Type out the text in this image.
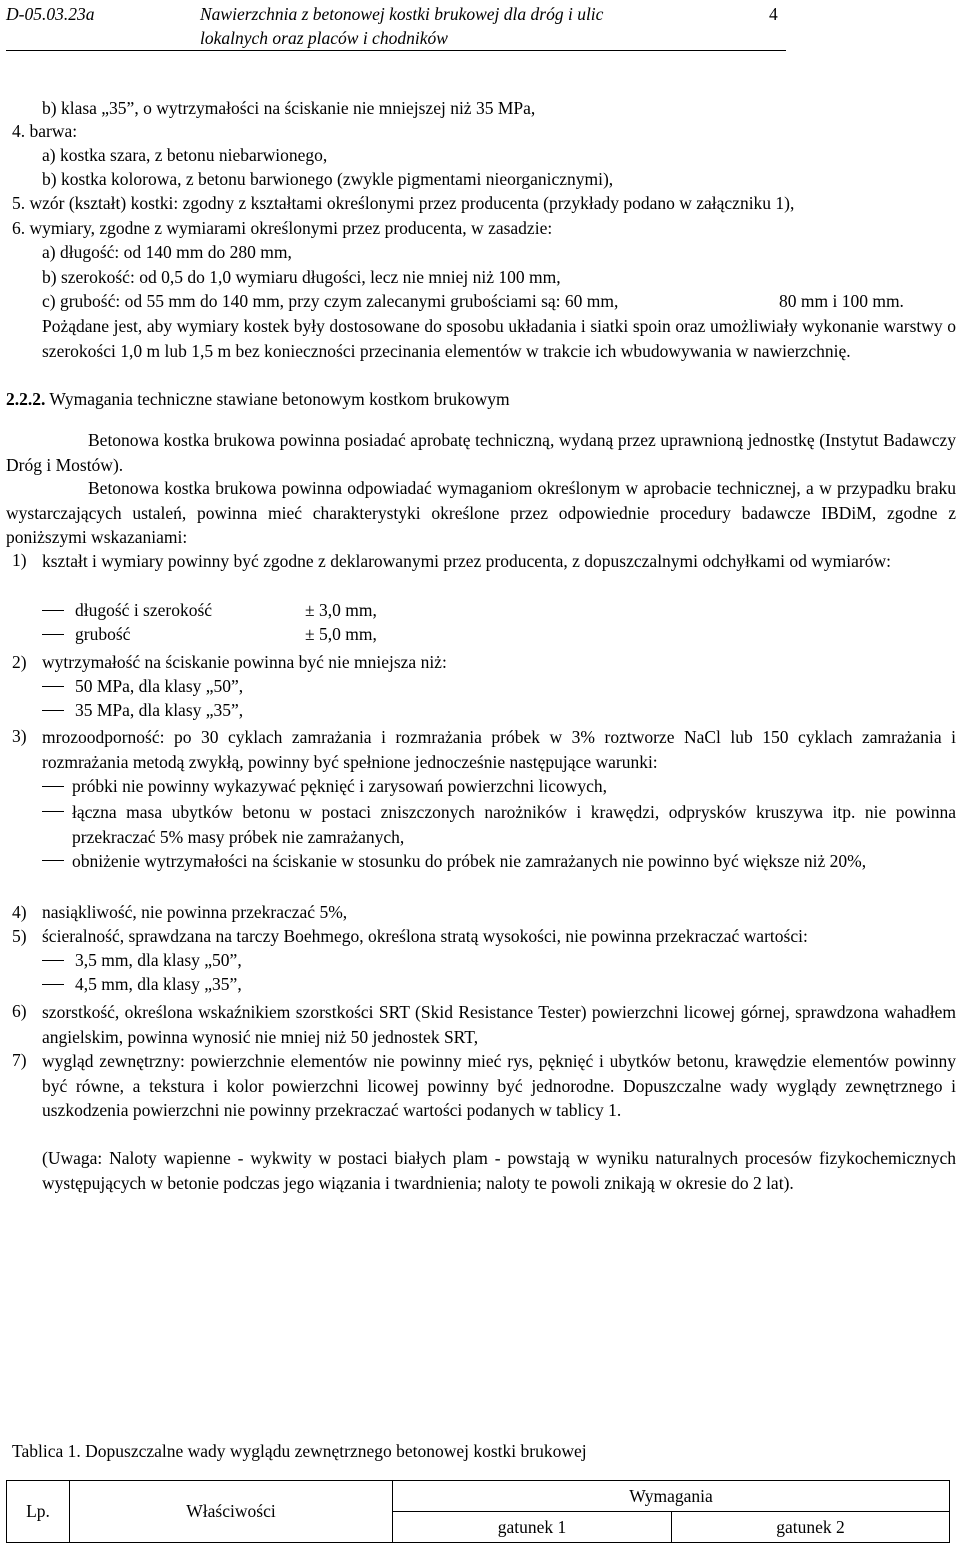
D-05.03.23a	Nawierzchnia z betonowej kostki brukowej dla dróg i ulic
lokalnych oraz placów i chodników
4
b) klasa „35”, o wytrzymałości na ściskanie nie mniejszej niż 35 MPa,
4. barwa:
a) kostka szara, z betonu niebarwionego,
b) kostka kolorowa, z betonu barwionego (zwykle pigmentami nieorganicznymi),
5. wzór (kształt) kostki: zgodny z kształtami określonymi przez producenta (przykłady podano w załączniku 1),
6. wymiary, zgodne z wymiarami określonymi przez producenta, w zasadzie:
a) długość: od 140 mm do 280 mm,
b) szerokość: od 0,5 do 1,0 wymiaru długości, lecz nie mniej niż 100 mm,
c) grubość: od 55 mm do 140 mm, przy czym zalecanymi grubościami są: 60 mm,	80 mm i 100 mm.
Pożądane jest, aby wymiary kostek były dostosowane do sposobu układania i siatki spoin oraz umożliwiały wykonanie warstwy o szerokości 1,0 m lub 1,5 m bez konieczności przecinania elementów w trakcie ich wbudowywania w nawierzchnię.
2.2.2. Wymagania techniczne stawiane betonowym kostkom brukowym
Betonowa kostka brukowa powinna posiadać aprobatę techniczną, wydaną przez uprawnioną jednostkę (Instytut Badawczy Dróg i Mostów).
Betonowa kostka brukowa powinna odpowiadać wymaganiom określonym w aprobacie technicznej, a w przypadku braku wystarczających ustaleń, powinna mieć charakterystyki określone przez odpowiednie procedury badawcze IBDiM, zgodne z poniższymi wskazaniami:
1) kształt i wymiary powinny być zgodne z deklarowanymi przez producenta, z dopuszczalnymi odchyłkami od wymiarów:
długość i szerokość	± 3,0 mm,
grubość	± 5,0 mm,
2) wytrzymałość na ściskanie powinna być nie mniejsza niż:
50 MPa, dla klasy „50”,
35 MPa, dla klasy „35”,
3) mrozoodporność: po 30 cyklach zamrażania i rozmrażania próbek w 3% roztworze NaCl lub 150 cyklach zamrażania i rozmrażania metodą zwykłą, powinny być spełnione jednocześnie następujące warunki:
próbki nie powinny wykazywać pęknięć i zarysowań powierzchni licowych,
łączna masa ubytków betonu w postaci zniszczonych narożników i krawędzi, odprysków kruszywa itp. nie powinna przekraczać 5% masy próbek nie zamrażanych,
obniżenie wytrzymałości na ściskanie w stosunku do próbek nie zamrażanych nie powinno być większe niż 20%,
4) nasiąkliwość, nie powinna przekraczać 5%,
5) ścieralność, sprawdzana na tarczy Boehmego, określona stratą wysokości, nie powinna przekraczać wartości:
3,5 mm, dla klasy „50”,
4,5 mm, dla klasy „35”,
6) szorstkość, określona wskaźnikiem szorstkości SRT (Skid Resistance Tester) powierzchni licowej górnej, sprawdzona wahadłem angielskim, powinna wynosić nie mniej niż 50 jednostek SRT,
7) wygląd zewnętrzny: powierzchnie elementów nie powinny mieć rys, pęknięć i ubytków betonu, krawędzie elementów powinny być równe, a tekstura i kolor powierzchni licowej powinny być jednorodne. Dopuszczalne wady wyglądy zewnętrznego i uszkodzenia powierzchni nie powinny przekraczać wartości podanych w tablicy 1.
(Uwaga: Naloty wapienne - wykwity w postaci białych plam - powstają w wyniku naturalnych procesów fizykochemicznych występujących w betonie podczas jego wiązania i twardnienia; naloty te powoli znikają w okresie do 2 lat).
Tablica 1. Dopuszczalne wady wyglądu zewnętrznego betonowej kostki brukowej
Lp.	Właściwości	Wymagania	
		gatunek 1	gatunek 2
